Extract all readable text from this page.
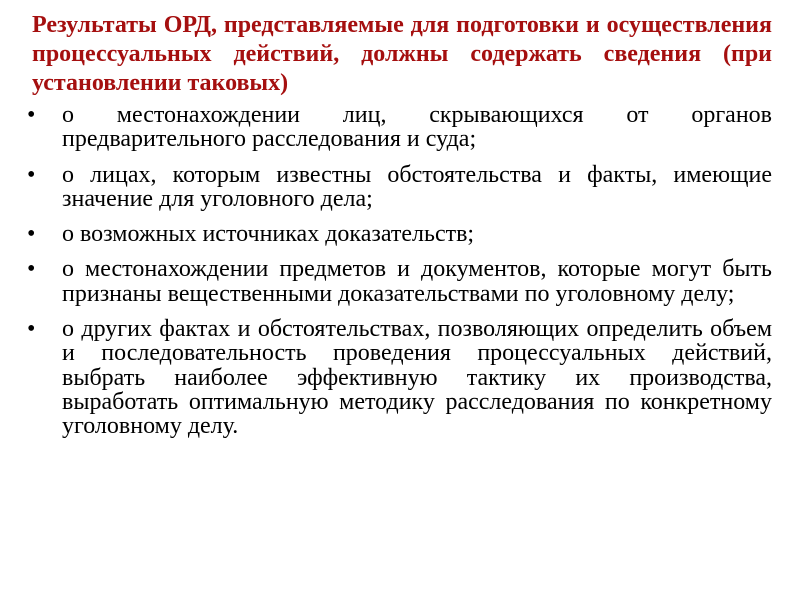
Результаты ОРД, представляемые для подготовки и осуществления процессуальных действий, должны содержать сведения (при установлении таковых)
•	о местонахождении лиц, скрывающихся от органов предварительного расследования и суда;
•	о лицах, которым известны обстоятельства и факты, имеющие значение для уголовного дела;
•	о возможных источниках доказательств;
•	о местонахождении предметов и документов, которые могут быть признаны вещественными доказательствами по уголовному делу;
•	о других фактах и обстоятельствах, позволяющих определить объем и последовательность проведения процессуальных действий, выбрать наиболее эффективную тактику их производства, выработать оптимальную методику расследования по конкретному уголовному делу.
